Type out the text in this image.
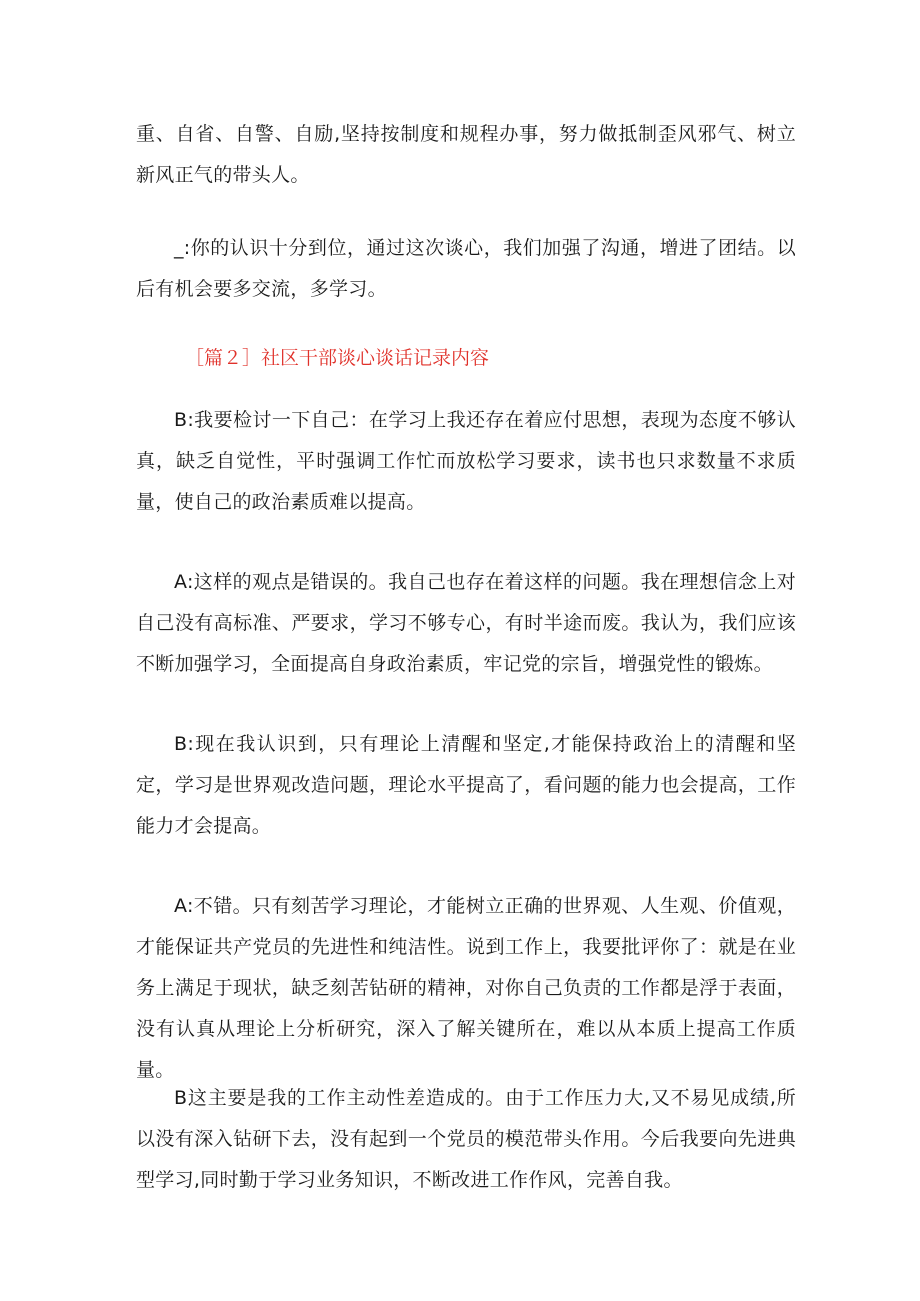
重、自省、自警、自励,坚持按制度和规程办事，努力做抵制歪风邪气、树立新风正气的带头人。

_:你的认识十分到位，通过这次谈心，我们加强了沟通，增进了团结。以后有机会要多交流，多学习。

［篇２］社区干部谈心谈话记录内容

B:我要检讨一下自己：在学习上我还存在着应付思想，表现为态度不够认真，缺乏自觉性，平时强调工作忙而放松学习要求，读书也只求数量不求质量，使自己的政治素质难以提高。

A:这样的观点是错误的。我自己也存在着这样的问题。我在理想信念上对自己没有高标准、严要求，学习不够专心，有时半途而废。我认为，我们应该不断加强学习，全面提高自身政治素质，牢记党的宗旨，增强党性的锻炼。

B:现在我认识到，只有理论上清醒和坚定,才能保持政治上的清醒和坚定，学习是世界观改造问题，理论水平提高了，看问题的能力也会提高，工作能力才会提高。

A:不错。只有刻苦学习理论，才能树立正确的世界观、人生观、价值观，才能保证共产党员的先进性和纯洁性。说到工作上，我要批评你了：就是在业务上满足于现状，缺乏刻苦钻研的精神，对你自己负责的工作都是浮于表面，没有认真从理论上分析研究，深入了解关键所在，难以从本质上提高工作质量。

B这主要是我的工作主动性差造成的。由于工作压力大,又不易见成绩,所以没有深入钻研下去，没有起到一个党员的模范带头作用。今后我要向先进典型学习,同时勤于学习业务知识，不断改进工作作风，完善自我。
